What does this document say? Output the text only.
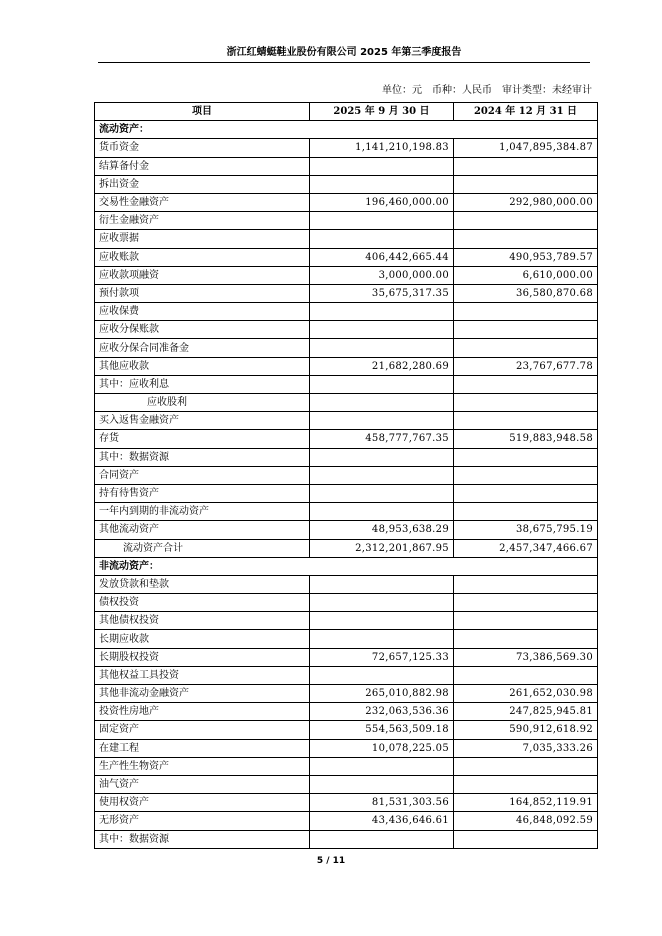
浙江红蜻蜓鞋业股份有限公司 2025 年第三季度报告
单位：元 币种：人民币 审计类型：未经审计
项目	2025 年 9 月 30 日	2024 年 12 月 31 日
流动资产：		
货币资金	1,141,210,198.83	1,047,895,384.87
结算备付金		
拆出资金		
交易性金融资产	196,460,000.00	292,980,000.00
衍生金融资产		
应收票据		
应收账款	406,442,665.44	490,953,789.57
应收款项融资	3,000,000.00	6,610,000.00
预付款项	35,675,317.35	36,580,870.68
应收保费		
应收分保账款		
应收分保合同准备金		
其他应收款	21,682,280.69	23,767,677.78
其中：应收利息		
应收股利		
买入返售金融资产		
存货	458,777,767.35	519,883,948.58
其中：数据资源		
合同资产		
持有待售资产		
一年内到期的非流动资产		
其他流动资产	48,953,638.29	38,675,795.19
流动资产合计	2,312,201,867.95	2,457,347,466.67
非流动资产：		
发放贷款和垫款		
债权投资		
其他债权投资		
长期应收款		
长期股权投资	72,657,125.33	73,386,569.30
其他权益工具投资		
其他非流动金融资产	265,010,882.98	261,652,030.98
投资性房地产	232,063,536.36	247,825,945.81
固定资产	554,563,509.18	590,912,618.92
在建工程	10,078,225.05	7,035,333.26
生产性生物资产		
油气资产		
使用权资产	81,531,303.56	164,852,119.91
无形资产	43,436,646.61	46,848,092.59
其中：数据资源		
5 / 11
